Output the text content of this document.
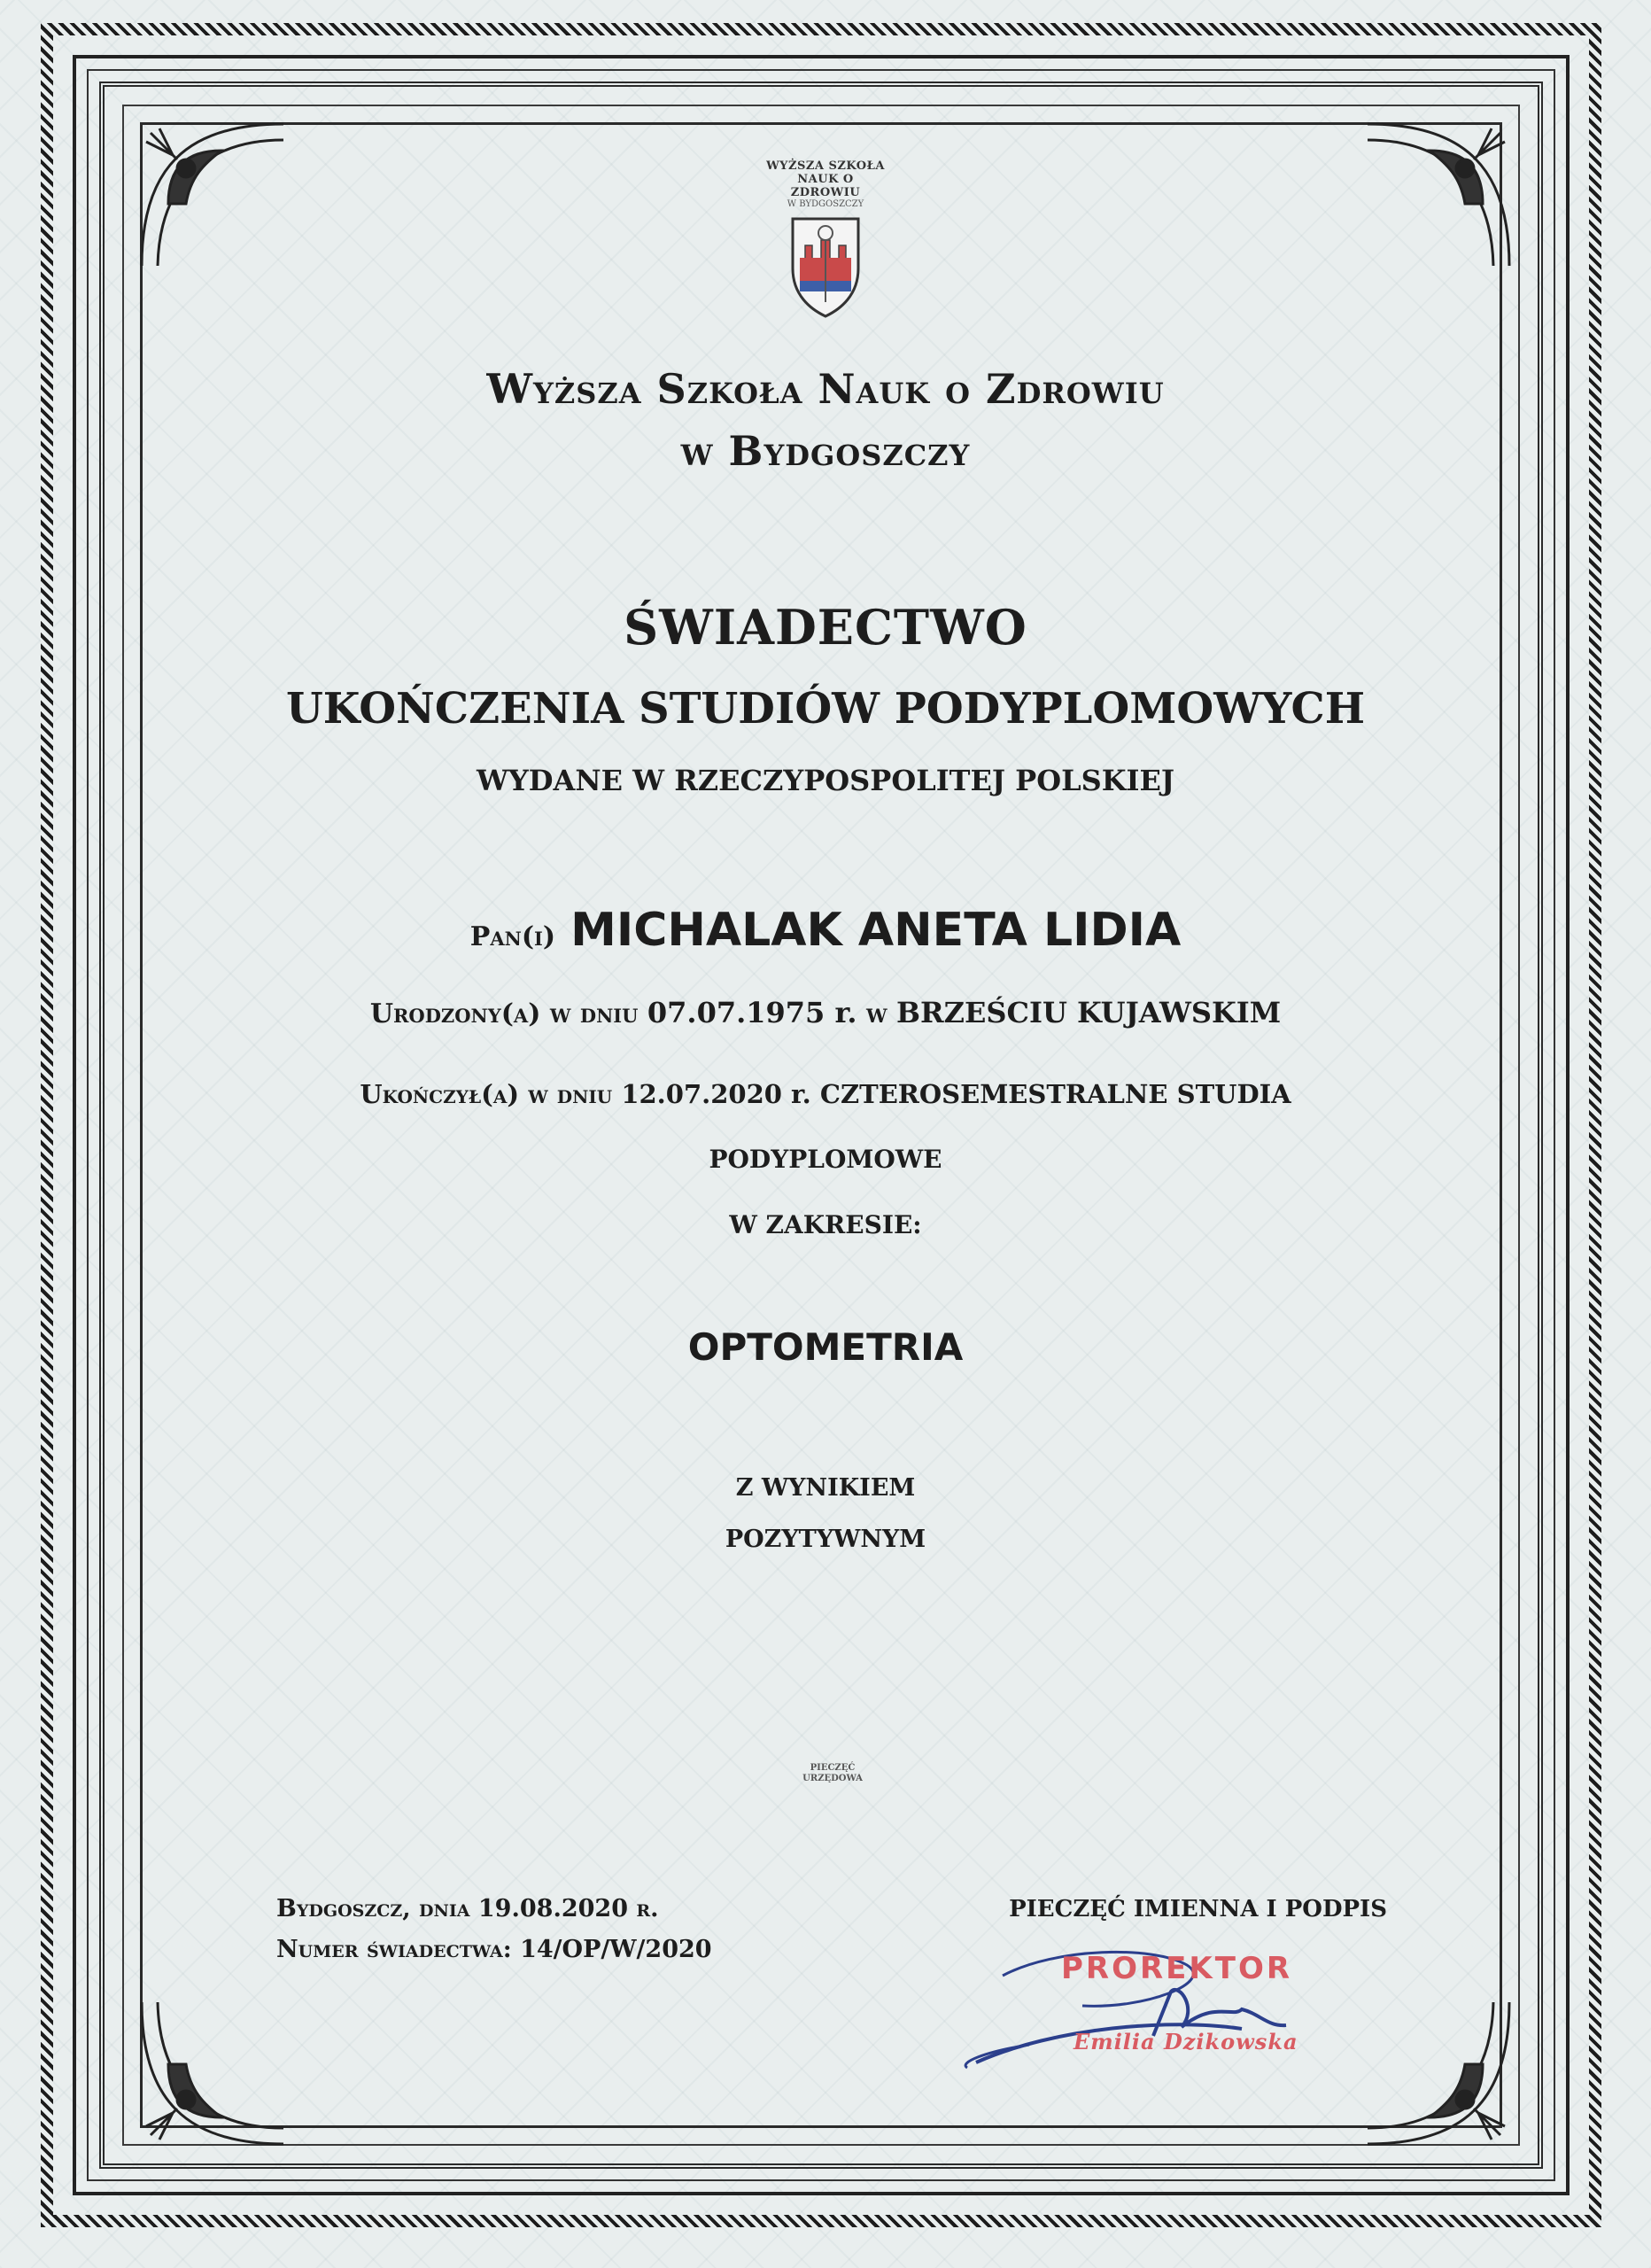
WYŻSZA SZKOŁA
NAUK O ZDROWIU
W BYDGOSZCZY
Wyższa Szkoła Nauk o Zdrowiu
w Bydgoszczy
ŚWIADECTWO
UKOŃCZENIA STUDIÓW PODYPLOMOWYCH
WYDANE W RZECZYPOSPOLITEJ POLSKIEJ
Pan(i) MICHALAK ANETA LIDIA
Urodzony(a) w dniu 07.07.1975 r. w BRZEŚCIU KUJAWSKIM
Ukończył(a) w dniu 12.07.2020 r. CZTEROSEMESTRALNE STUDIA
PODYPLOMOWE
W ZAKRESIE:
OPTOMETRIA
Z WYNIKIEM
POZYTYWNYM
PIECZĘĆ
URZĘDOWA
Bydgoszcz, dnia 19.08.2020 r.
Numer świadectwa: 14/OP/W/2020
PIECZĘĆ IMIENNA I PODPIS
PROREKTOR
Emilia Dzikowska
